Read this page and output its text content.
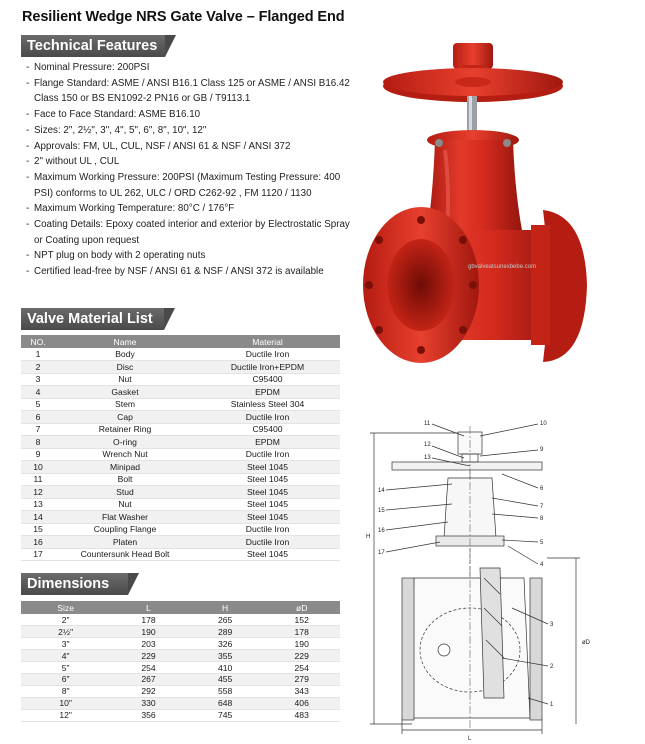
Resilient Wedge NRS Gate Valve – Flanged End
Technical Features
- Nominal Pressure: 200PSI
- Flange Standard: ASME / ANSI B16.1 Class 125 or ASME / ANSI B16.42 Class 150 or BS EN1092-2 PN16 or GB / T9113.1
- Face to Face Standard: ASME B16.10
- Sizes: 2", 2½", 3", 4", 5", 6", 8", 10", 12"
- Approvals: FM, UL, CUL, NSF / ANSI 61 & NSF / ANSI 372
- 2" without UL , CUL
- Maximum Working Pressure: 200PSI (Maximum Testing Pressure: 400 PSI) conforms to UL 262, ULC / ORD C262-92 , FM 1120 / 1130
- Maximum Working Temperature: 80°C / 176°F
- Coating Details: Epoxy coated interior and exterior by Electrostatic Spray or Coating upon request
- NPT plug on body with 2 operating nuts
- Certified lead-free by NSF / ANSI 61 & NSF / ANSI 372 is available
Valve Material List
NO.	Name	Material
1	Body	Ductile Iron
2	Disc	Ductile Iron+EPDM
3	Nut	C95400
4	Gasket	EPDM
5	Stem	Stainless Steel 304
6	Cap	Ductile Iron
7	Retainer Ring	C95400
8	O-ring	EPDM
9	Wrench Nut	Ductile Iron
10	Minipad	Steel 1045
11	Bolt	Steel 1045
12	Stud	Steel 1045
13	Nut	Steel 1045
14	Flat Washer	Steel 1045
15	Coupling Flange	Ductile Iron
16	Platen	Ductile Iron
17	Countersunk Head Bolt	Steel 1045
Dimensions
Size	L	H	øD
2"	178	265	152
2½"	190	289	178
3"	203	326	190
4"	229	355	229
5"	254	410	254
6"	267	455	279
8"	292	558	343
10"	330	648	406
12"	356	745	483
gbvalveatsunexbebe.com
11	10
12
9
13
6
14
7
15
8
16
5
17
4
3
2
1
H
L
øD
